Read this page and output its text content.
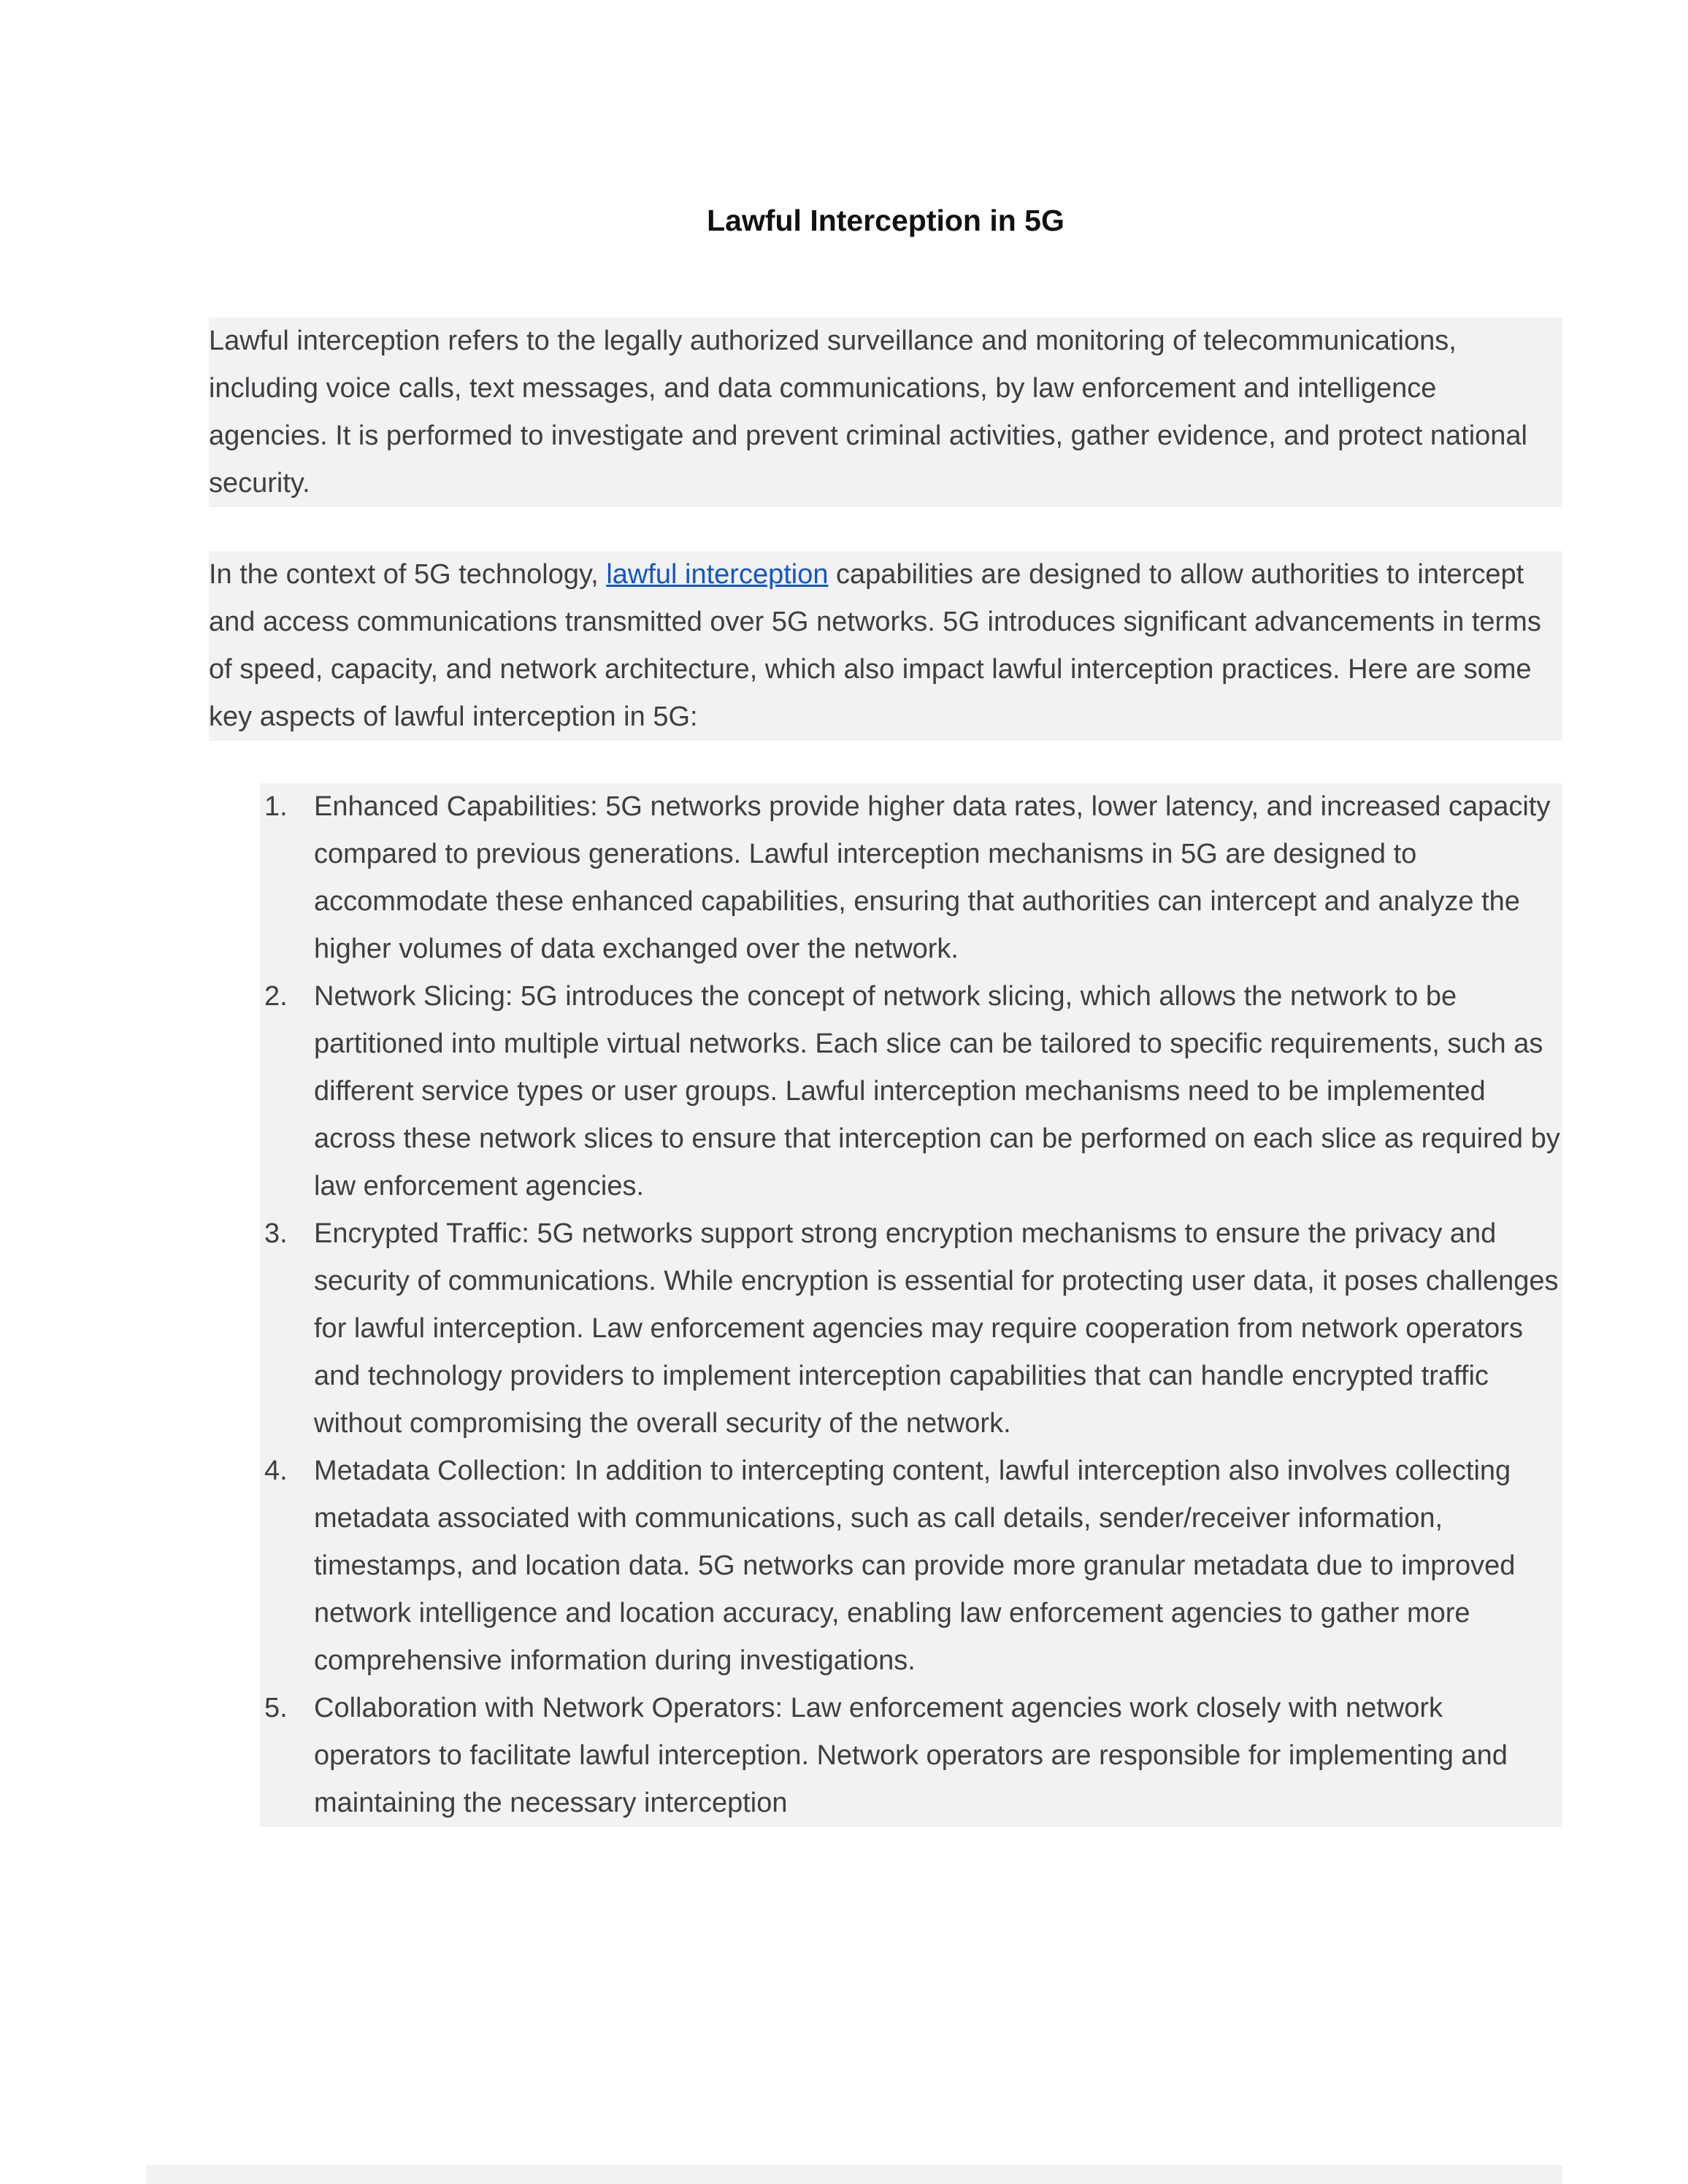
Lawful Interception in 5G

Lawful interception refers to the legally authorized surveillance and monitoring of telecommunications, including voice calls, text messages, and data communications, by law enforcement and intelligence agencies. It is performed to investigate and prevent criminal activities, gather evidence, and protect national security.

In the context of 5G technology, lawful interception capabilities are designed to allow authorities to intercept and access communications transmitted over 5G networks. 5G introduces significant advancements in terms of speed, capacity, and network architecture, which also impact lawful interception practices. Here are some key aspects of lawful interception in 5G:

1. Enhanced Capabilities: 5G networks provide higher data rates, lower latency, and increased capacity compared to previous generations. Lawful interception mechanisms in 5G are designed to accommodate these enhanced capabilities, ensuring that authorities can intercept and analyze the higher volumes of data exchanged over the network.
2. Network Slicing: 5G introduces the concept of network slicing, which allows the network to be partitioned into multiple virtual networks. Each slice can be tailored to specific requirements, such as different service types or user groups. Lawful interception mechanisms need to be implemented across these network slices to ensure that interception can be performed on each slice as required by law enforcement agencies.
3. Encrypted Traffic: 5G networks support strong encryption mechanisms to ensure the privacy and security of communications. While encryption is essential for protecting user data, it poses challenges for lawful interception. Law enforcement agencies may require cooperation from network operators and technology providers to implement interception capabilities that can handle encrypted traffic without compromising the overall security of the network.
4. Metadata Collection: In addition to intercepting content, lawful interception also involves collecting metadata associated with communications, such as call details, sender/receiver information, timestamps, and location data. 5G networks can provide more granular metadata due to improved network intelligence and location accuracy, enabling law enforcement agencies to gather more comprehensive information during investigations.
5. Collaboration with Network Operators: Law enforcement agencies work closely with network operators to facilitate lawful interception. Network operators are responsible for implementing and maintaining the necessary interception
